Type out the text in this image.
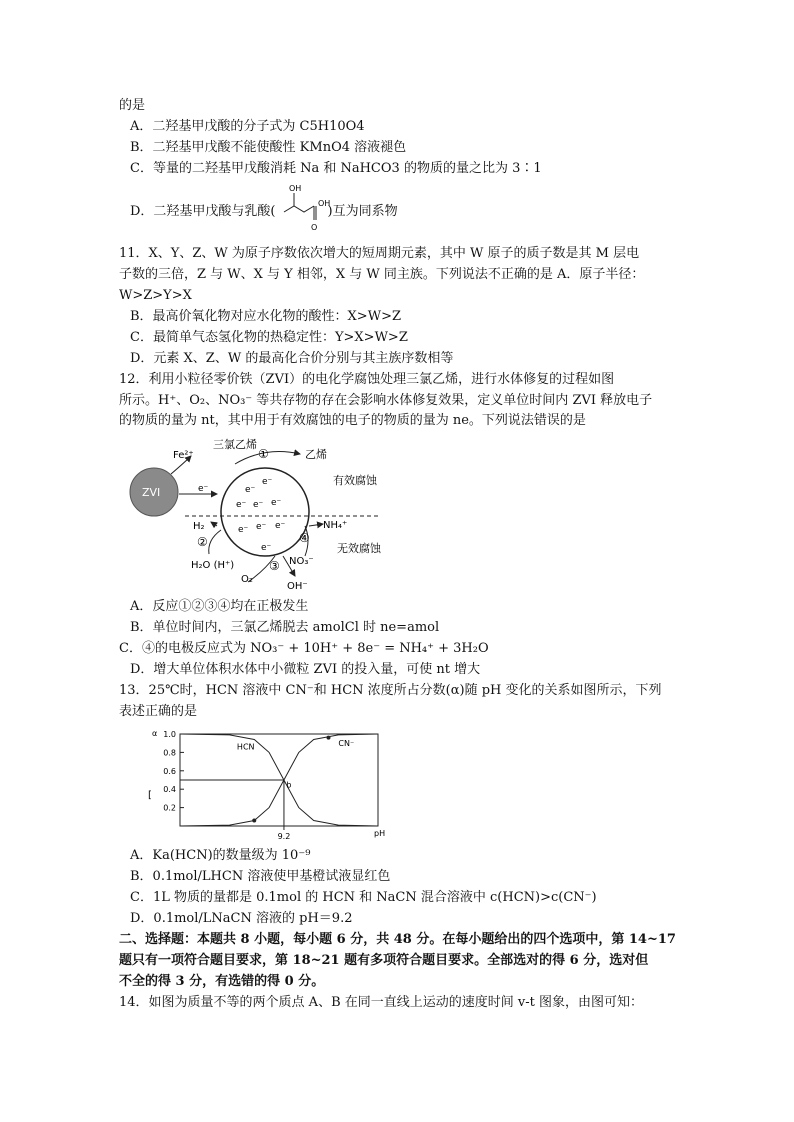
的是
A．二羟基甲戊酸的分子式为 C5H10O4
B．二羟基甲戊酸不能使酸性 KMnO4 溶液褪色
C．等量的二羟基甲戊酸消耗 Na 和 NaHCO3 的物质的量之比为 3∶1
D．二羟基甲戊酸与乳酸(	)互为同系物
OH
OH
O
11．X、Y、Z、W 为原子序数依次增大的短周期元素，其中 W 原子的质子数是其 M 层电
子数的三倍，Z 与 W、X 与 Y 相邻，X 与 W 同主族。下列说法不正确的是 A．原子半径：
W>Z>Y>X
B．最高价氧化物对应水化物的酸性：X>W>Z
C．最简单气态氢化物的热稳定性：Y>X>W>Z
D．元素 X、Z、W 的最高化合价分别与其主族序数相等
12．利用小粒径零价铁（ZVI）的电化学腐蚀处理三氯乙烯，进行水体修复的过程如图
所示。H⁺、O₂、NO₃⁻ 等共存物的存在会影响水体修复效果，定义单位时间内 ZVI 释放电子
的物质的量为 nt，其中用于有效腐蚀的电子的物质的量为 ne。下列说法错误的是
ZVI
Fe²⁺
e⁻	e⁻
e⁻
e⁻ e⁻ e⁻
e⁻ e⁻ e⁻
e⁻
有效腐蚀
无效腐蚀
三氯乙烯
①	乙烯
H₂
②
H₂O (H⁺)	③
O₂
OH⁻
NH₄⁺
④
NO₃⁻
A．反应①②③④均在正极发生
B．单位时间内，三氯乙烯脱去 amolCl 时 ne=amol
C．④的电极反应式为 NO₃⁻ + 10H⁺ + 8e⁻ = NH₄⁺ + 3H₂O
D．增大单位体积水体中小微粒 ZVI 的投入量，可使 nt 增大
13．25℃时，HCN 溶液中 CN⁻和 HCN 浓度所占分数(α)随 pH 变化的关系如图所示，下列
表述正确的是
α
[
pH
1.0
0.8
0.6
0.4
0.2
9.2
HCN	CN⁻
b
A．Ka(HCN)的数量级为 10⁻⁹
B．0.1mol/LHCN 溶液使甲基橙试液显红色
C．1L 物质的量都是 0.1mol 的 HCN 和 NaCN 混合溶液中 c(HCN)>c(CN⁻)
D．0.1mol/LNaCN 溶液的 pH＝9.2
二、选择题：本题共 8 小题，每小题 6 分，共 48 分。在每小题给出的四个选项中，第 14~17
题只有一项符合题目要求，第 18~21 题有多项符合题目要求。全部选对的得 6 分，选对但
不全的得 3 分，有选错的得 0 分。
14．如图为质量不等的两个质点 A、B 在同一直线上运动的速度时间 v-t 图象，由图可知：
